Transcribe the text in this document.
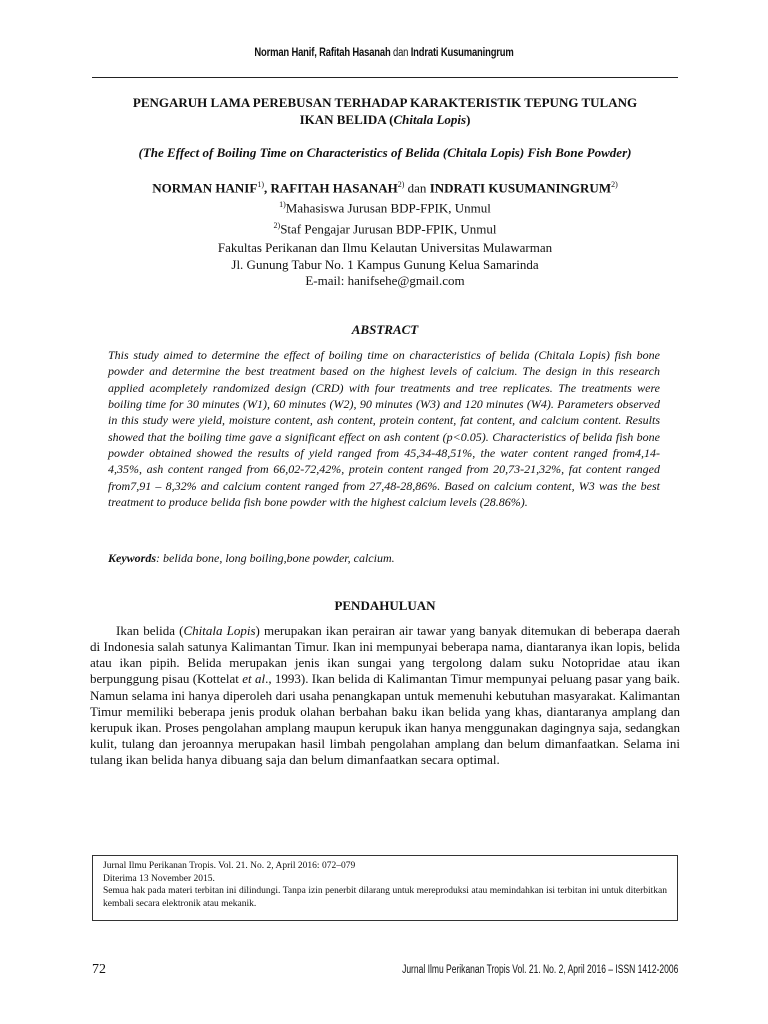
Norman Hanif, Rafitah Hasanah dan Indrati Kusumaningrum
PENGARUH LAMA PEREBUSAN TERHADAP KARAKTERISTIK TEPUNG TULANG
IKAN BELIDA (Chitala Lopis)
(The Effect of Boiling Time on Characteristics of Belida (Chitala Lopis) Fish Bone Powder)
NORMAN HANIF$^{1)}$, RAFITAH HASANAH$^{2)}$ dan INDRATI KUSUMANINGRUM$^{2)}$
$^{1)}$Mahasiswa Jurusan BDP-FPIK, Unmul
$^{2)}$Staf Pengajar Jurusan BDP-FPIK, Unmul
Fakultas Perikanan dan Ilmu Kelautan Universitas Mulawarman
Jl. Gunung Tabur No. 1 Kampus Gunung Kelua Samarinda
E-mail: hanifsehe@gmail.com
ABSTRACT
This study aimed to determine the effect of boiling time on characteristics of belida (Chitala Lopis) fish bone powder and determine the best treatment based on the highest levels of calcium. The design in this research applied acompletely randomized design (CRD) with four treatments and tree replicates. The treatments were boiling time for 30 minutes (W1), 60 minutes (W2), 90 minutes (W3) and 120 minutes (W4). Parameters observed in this study were yield, moisture content, ash content, protein content, fat content, and calcium content. Results showed that the boiling time gave a significant effect on ash content (p<0.05). Characteristics of belida fish bone powder obtained showed the results of yield ranged from 45,34-48,51%, the water content ranged from4,14-4,35%, ash content ranged from 66,02-72,42%, protein content ranged from 20,73-21,32%, fat content ranged from7,91 – 8,32% and calcium content ranged from 27,48-28,86%. Based on calcium content, W3 was the best treatment to produce belida fish bone powder with the highest calcium levels (28.86%).
Keywords: belida bone, long boiling,bone powder, calcium.
PENDAHULUAN
Ikan belida (Chitala Lopis) merupakan ikan perairan air tawar yang banyak ditemukan di beberapa daerah di Indonesia salah satunya Kalimantan Timur. Ikan ini mempunyai beberapa nama, diantaranya ikan lopis, belida atau ikan pipih. Belida merupakan jenis ikan sungai yang tergolong dalam suku Notopridae atau ikan berpunggung pisau (Kottelat et al., 1993). Ikan belida di Kalimantan Timur mempunyai peluang pasar yang baik. Namun selama ini hanya diperoleh dari usaha penangkapan untuk memenuhi kebutuhan masyarakat. Kalimantan Timur memiliki beberapa jenis produk olahan berbahan baku ikan belida yang khas, diantaranya amplang dan kerupuk ikan. Proses pengolahan amplang maupun kerupuk ikan hanya menggunakan dagingnya saja, sedangkan kulit, tulang dan jeroannya merupakan hasil limbah pengolahan amplang dan belum dimanfaatkan. Selama ini tulang ikan belida hanya dibuang saja dan belum dimanfaatkan secara optimal.
Jurnal Ilmu Perikanan Tropis. Vol. 21. No. 2, April 2016: 072–079
Diterima 13 November 2015.
Semua hak pada materi terbitan ini dilindungi. Tanpa izin penerbit dilarang untuk mereproduksi atau memindahkan isi terbitan ini untuk diterbitkan kembali secara elektronik atau mekanik.
72	Jurnal Ilmu Perikanan Tropis Vol. 21. No. 2, April 2016 – ISSN 1412-2006
